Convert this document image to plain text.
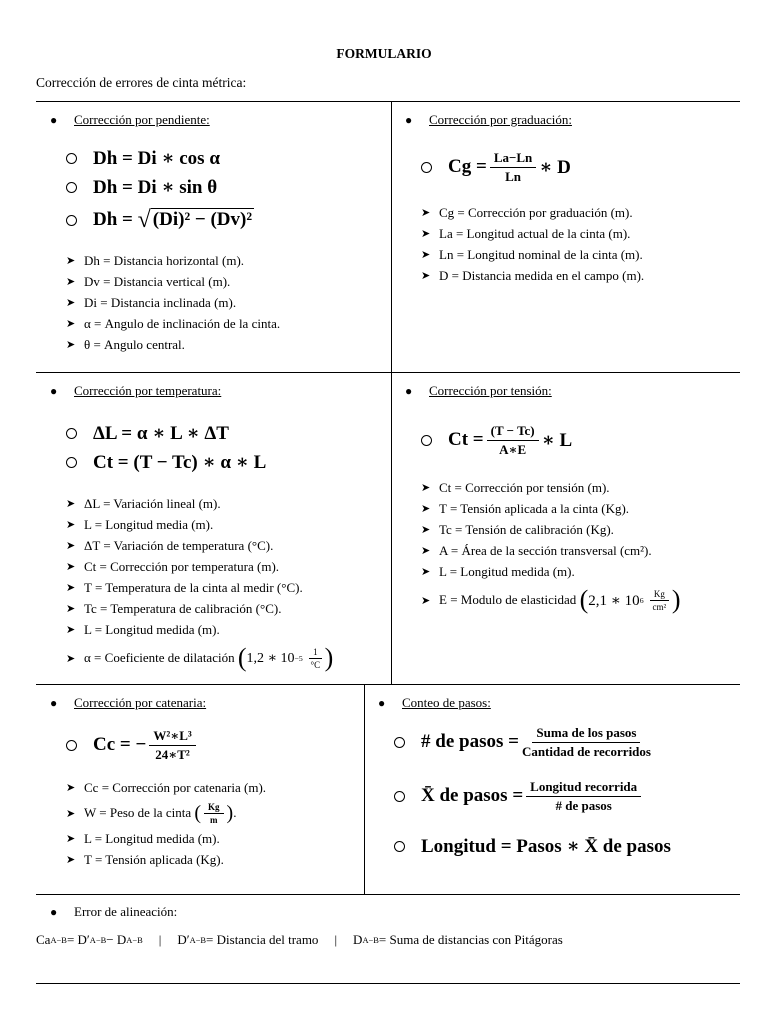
FORMULARIO
Corrección de errores de cinta métrica:
● Corrección por pendiente:
Dh = Di ∗ cos α
Dh = Di ∗ sin θ
Dh =
√ (Di)² − (Dv)²
➤ Dh = Distancia horizontal (m).
➤ Dv = Distancia vertical (m).
➤ Di = Distancia inclinada (m).
➤ α = Angulo de inclinación de la cinta.
➤ θ = Angulo central.
● Corrección por graduación:
$Cg = \frac{La-Ln}{Ln}$ ∗ D
➤ Cg = Corrección por graduación (m).
➤ La = Longitud actual de la cinta (m).
➤ Ln = Longitud nominal de la cinta (m).
➤ D = Distancia medida en el campo (m).
● Corrección por temperatura:
ΔL = α ∗ L ∗ ΔT
Ct = (T − Tc) ∗ α ∗ L
➤ ΔL = Variación lineal (m).
➤ L = Longitud media (m).
➤ ΔT = Variación de temperatura (°C).
➤ Ct = Corrección por temperatura (m).
➤ T = Temperatura de la cinta al medir (°C).
➤ Tc = Temperatura de calibración (°C).
➤ L = Longitud medida (m).
➤ α = Coeficiente de dilatación
( 1,2 ∗ 10 −5
$\frac{1}{^\circ C}$ )
● Corrección por tensión:
$Ct = \frac{(T - Tc)}{A∗E}$ ∗ L
➤ Ct = Corrección por tensión (m).
➤ T = Tensión aplicada a la cinta (Kg).
➤ Tc = Tensión de calibración (Kg).
➤ A = Área de la sección transversal (cm²).
➤ L = Longitud medida (m).
➤ E = Modulo de elasticidad
( 2,1 ∗ 10 6
$\frac{Kg}{\text{cm²}}$ )
● Corrección por catenaria:
Cc = − $\frac{\text{W²∗L³}}{\text{24∗T²}}$
➤ Cc = Corrección por catenaria (m).
➤ W = Peso de la cinta
( $\frac{Kg}{m}$ ) .
➤ L = Longitud medida (m).
➤ T = Tensión aplicada (Kg).
● Conteo de pasos:
# de pasos = $\frac{\text{Suma de los pasos}}{\text{Cantidad de recorridos}}$
X̄ de pasos = $\frac{\text{Longitud recorrida}}{\text{\# de pasos}}$
Longitud = Pasos ∗ X̄ de pasos
● Error de alineación:
Ca A−B = D′ A−B − D A−B | D′ A−B = Distancia del tramo | D A−B = Suma de distancias con Pitágoras
